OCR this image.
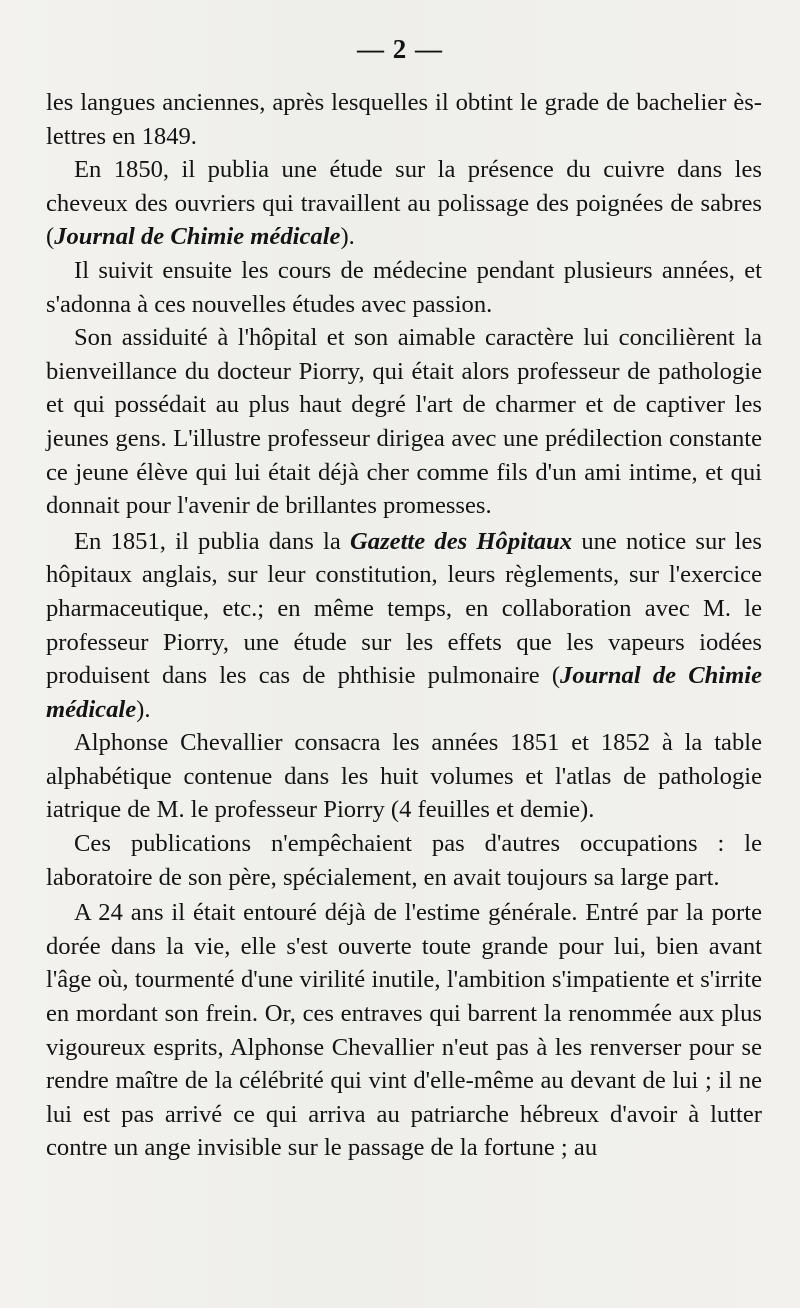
— 2 —

les langues anciennes, après lesquelles il obtint le grade de bachelier ès-lettres en 1849.

En 1850, il publia une étude sur la présence du cuivre dans les cheveux des ouvriers qui travaillent au polissage des poignées de sabres (Journal de Chimie médicale).

Il suivit ensuite les cours de médecine pendant plusieurs années, et s'adonna à ces nouvelles études avec passion.

Son assiduité à l'hôpital et son aimable caractère lui concilièrent la bienveillance du docteur Piorry, qui était alors professeur de pathologie et qui possédait au plus haut degré l'art de charmer et de captiver les jeunes gens. L'illustre professeur dirigea avec une prédilection constante ce jeune élève qui lui était déjà cher comme fils d'un ami intime, et qui donnait pour l'avenir de brillantes promesses.

En 1851, il publia dans la Gazette des Hôpitaux une notice sur les hôpitaux anglais, sur leur constitution, leurs règlements, sur l'exercice pharmaceutique, etc.; en même temps, en collaboration avec M. le professeur Piorry, une étude sur les effets que les vapeurs iodées produisent dans les cas de phthisie pulmonaire (Journal de Chimie médicale).

Alphonse Chevallier consacra les années 1851 et 1852 à la table alphabétique contenue dans les huit volumes et l'atlas de pathologie iatrique de M. le professeur Piorry (4 feuilles et demie).

Ces publications n'empêchaient pas d'autres occupations : le laboratoire de son père, spécialement, en avait toujours sa large part.

A 24 ans il était entouré déjà de l'estime générale. Entré par la porte dorée dans la vie, elle s'est ouverte toute grande pour lui, bien avant l'âge où, tourmenté d'une virilité inutile, l'ambition s'impatiente et s'irrite en mordant son frein. Or, ces entraves qui barrent la renommée aux plus vigoureux esprits, Alphonse Chevallier n'eut pas à les renverser pour se rendre maître de la célébrité qui vint d'elle-même au devant de lui ; il ne lui est pas arrivé ce qui arriva au patriarche hébreux d'avoir à lutter contre un ange invisible sur le passage de la fortune ; au
